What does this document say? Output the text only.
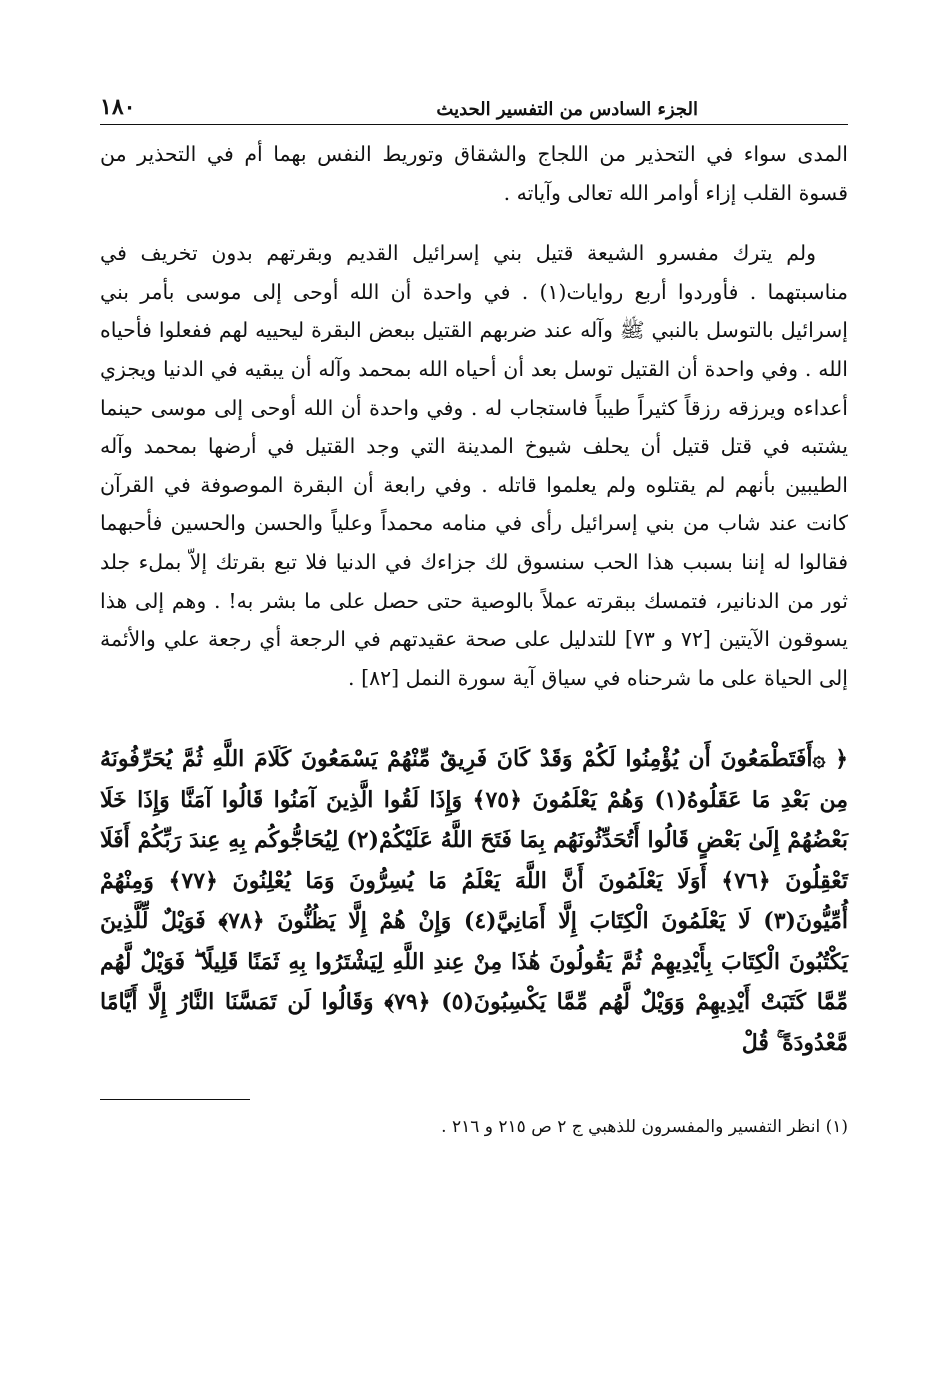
الجزء السادس من التفسير الحديث
١٨٠

المدى سواء في التحذير من اللجاج والشقاق وتوريط النفس بهما أم في التحذير من قسوة القلب إزاء أوامر الله تعالى وآياته .

ولم يترك مفسرو الشيعة قتيل بني إسرائيل القديم وبقرتهم بدون تخريف في مناسبتهما . فأوردوا أربع روايات(١) . في واحدة أن الله أوحى إلى موسى بأمر بني إسرائيل بالتوسل بالنبي ﷺ وآله عند ضربهم القتيل ببعض البقرة ليحييه لهم ففعلوا فأحياه الله . وفي واحدة أن القتيل توسل بعد أن أحياه الله بمحمد وآله أن يبقيه في الدنيا ويجزي أعداءه ويرزقه رزقاً كثيراً طيباً فاستجاب له . وفي واحدة أن الله أوحى إلى موسى حينما يشتبه في قتل قتيل أن يحلف شيوخ المدينة التي وجد القتيل في أرضها بمحمد وآله الطيبين بأنهم لم يقتلوه ولم يعلموا قاتله . وفي رابعة أن البقرة الموصوفة في القرآن كانت عند شاب من بني إسرائيل رأى في منامه محمداً وعلياً والحسن والحسين فأحبهما فقالوا له إننا بسبب هذا الحب سنسوق لك جزاءك في الدنيا فلا تبع بقرتك إلاّ بملء جلد ثور من الدنانير، فتمسك ببقرته عملاً بالوصية حتى حصل على ما بشر به! . وهم إلى هذا يسوقون الآيتين [٧٢ و ٧٣] للتدليل على صحة عقيدتهم في الرجعة أي رجعة علي والأئمة إلى الحياة على ما شرحناه في سياق آية سورة النمل [٨٢] .

﴿ ۞أَفَتَطْمَعُونَ أَن يُؤْمِنُوا لَكُمْ وَقَدْ كَانَ فَرِيقٌ مِّنْهُمْ يَسْمَعُونَ كَلَامَ اللَّهِ ثُمَّ يُحَرِّفُونَهُ مِن بَعْدِ مَا عَقَلُوهُ(١) وَهُمْ يَعْلَمُونَ ﴿٧٥﴾ وَإِذَا لَقُوا الَّذِينَ آمَنُوا قَالُوا آمَنَّا وَإِذَا خَلَا بَعْضُهُمْ إِلَىٰ بَعْضٍ قَالُوا أَتُحَدِّثُونَهُم بِمَا فَتَحَ اللَّهُ عَلَيْكُمْ(٢) لِيُحَاجُّوكُم بِهِ عِندَ رَبِّكُمْ أَفَلَا تَعْقِلُونَ ﴿٧٦﴾ أَوَلَا يَعْلَمُونَ أَنَّ اللَّهَ يَعْلَمُ مَا يُسِرُّونَ وَمَا يُعْلِنُونَ ﴿٧٧﴾ وَمِنْهُمْ أُمِّيُّونَ(٣) لَا يَعْلَمُونَ الْكِتَابَ إِلَّا أَمَانِيَّ(٤) وَإِنْ هُمْ إِلَّا يَظُنُّونَ ﴿٧٨﴾ فَوَيْلٌ لِّلَّذِينَ يَكْتُبُونَ الْكِتَابَ بِأَيْدِيهِمْ ثُمَّ يَقُولُونَ هَٰذَا مِنْ عِندِ اللَّهِ لِيَشْتَرُوا بِهِ ثَمَنًا قَلِيلًا ۖ فَوَيْلٌ لَّهُم مِّمَّا كَتَبَتْ أَيْدِيهِمْ وَوَيْلٌ لَّهُم مِّمَّا يَكْسِبُونَ(٥) ﴿٧٩﴾ وَقَالُوا لَن تَمَسَّنَا النَّارُ إِلَّا أَيَّامًا مَّعْدُودَةً ۚ قُلْ

(١) انظر التفسير والمفسرون للذهبي ج ٢ ص ٢١٥ و ٢١٦ .
